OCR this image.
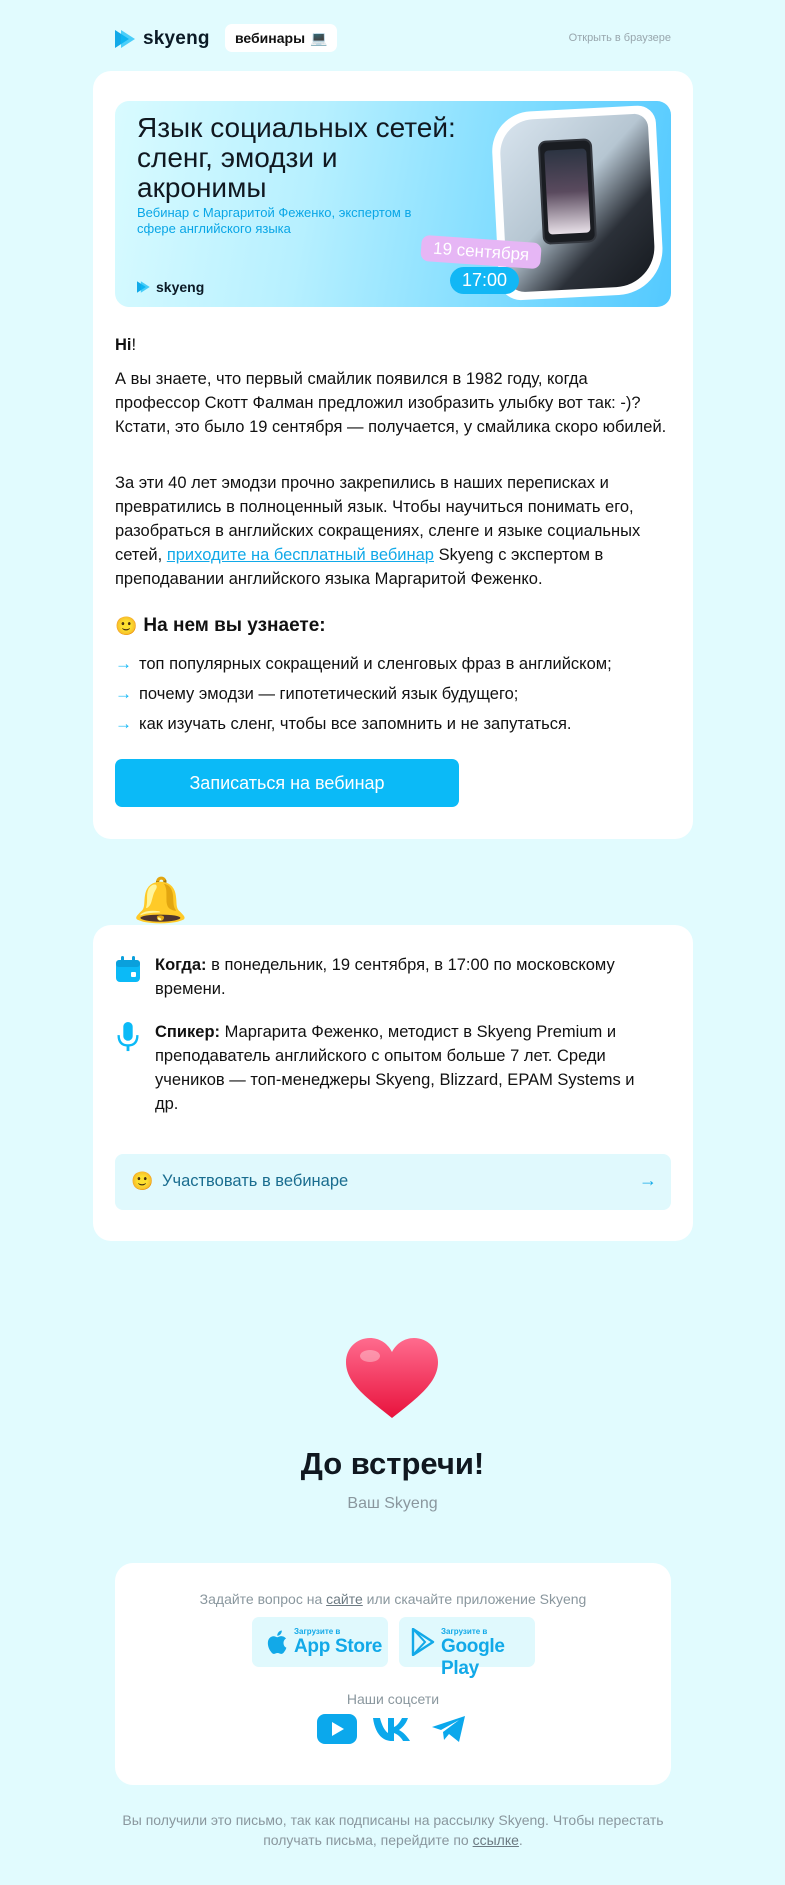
skyeng вебинары 💻	Открыть в браузере
Язык социальных сетей: сленг, эмодзи и акронимы
Вебинар с Маргаритой Феженко, экспертом в сфере английского языка
skyeng
19 сентября
17:00
Hi!

А вы знаете, что первый смайлик появился в 1982 году, когда профессор Скотт Фалман предложил изобразить улыбку вот так: -)? Кстати, это было 19 сентября — получается, у смайлика скоро юбилей.

За эти 40 лет эмодзи прочно закрепились в наших переписках и превратились в полноценный язык. Чтобы научиться понимать его, разобраться в английских сокращениях, сленге и языке социальных сетей, приходите на бесплатный вебинар Skyeng с экспертом в преподавании английского языка Маргаритой Феженко.

🙂 На нем вы узнаете:
→ топ популярных сокращений и сленговых фраз в английском;
→ почему эмодзи — гипотетический язык будущего;
→ как изучать сленг, чтобы все запомнить и не запутаться.
Записаться на вебинар
🔔
Когда: в понедельник, 19 сентября, в 17:00 по московскому времени.
Спикер: Маргарита Феженко, методист в Skyeng Premium и преподаватель английского с опытом больше 7 лет. Среди учеников — топ-менеджеры Skyeng, Blizzard, EPAM Systems и др.
🙂 Участвовать в вебинаре	→
До встречи!
Ваш Skyeng
Задайте вопрос на сайте или скачайте приложение Skyeng
Загрузите в
App Store
Загрузите в
Google Play
Наши соцсети
Вы получили это письмо, так как подписаны на рассылку Skyeng. Чтобы перестать получать письма, перейдите по ссылке.
